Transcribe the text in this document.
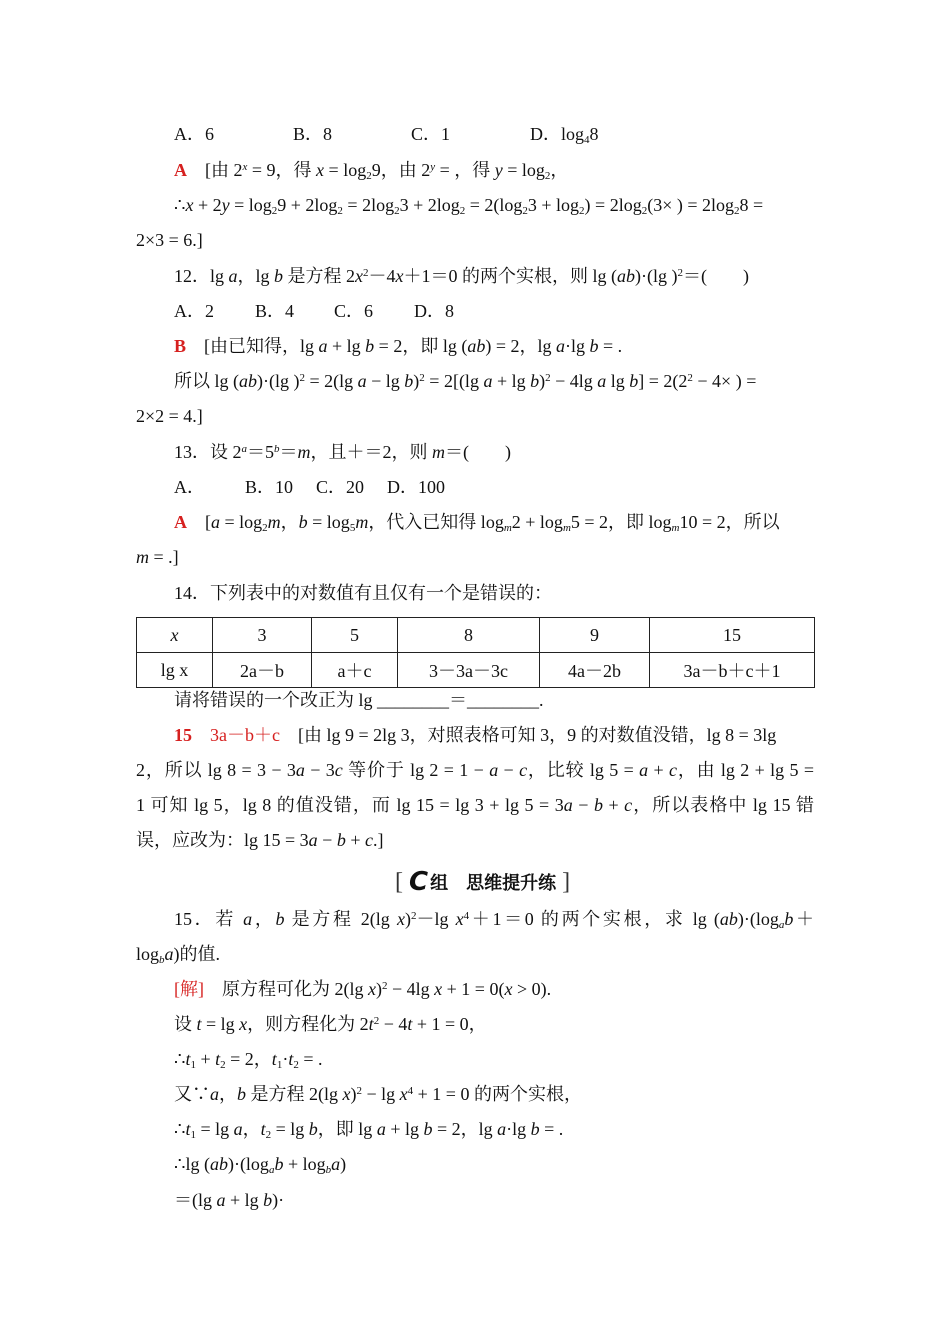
A．6	B．8	C．1	D．$\log_48$
A　[由 $2^x = 9$，得 $x = \log_29$，由 $2^y$ = ，得 $y = \log_2$，
∴x + $2y = \log_29 + 2\log_2 = 2\log_23 + 2\log_2 = 2(\log_23 + \log_2) = 2\log_2(3\times$ ) = $2\log_28$ =
2×3 = 6.]
12．lg a，lg b 是方程 $2x^2-4x+1=0$ 的两个实根，则 lg (ab)·(lg )$^2$＝(　　)
A．2 B．4 C．6 D．8
B　[由已知得，lg a + lg b = 2，即 lg (ab) = 2，lg a·lg b = .
所以 lg (ab)·(lg )$^2$ = 2(lg a − lg b)$^2$ = 2[(lg a + lg b)$^2$ − 4lg a $\lg b] = 2(2^2 - 4\times$ ) =
2×2 = 4.]
13．设 $2^a=5^b=m$，且＋＝2，则 m＝(　　)
A． B．10 C．20 D．100
A　[$a = \log_2m$，$b = \log_5m$，代入已知得 $\log_m2 + \log_m5 = 2$，即 $\log_m10 = 2$，所以
m = .]
14．下列表中的对数值有且仅有一个是错误的：
x	3	5	8	9	15
lg x	2a－b	a＋c	3－3a－3c	4a－2b	3a－b＋c＋1
请将错误的一个改正为 lg ________＝________.
15　 3a－b＋c　[由 lg 9 = 2lg 3，对照表格可知 3，9 的对数值没错，lg 8 = 3lg
2，所以 lg 8 = 3 − 3a − 3c 等价于 lg 2 = 1 − a − c，比较 lg 5 = a + c，由 lg 2 + lg 5 =
1 可知 lg 5，lg 8 的值没错，而 lg 15 = lg 3 + lg 5 = 3a − b + c，所以表格中 lg 15 错
误，应改为：lg 15 = 3a − b + c.]
[ C 组　思维提升练 ]
15．若 a，b 是方程 2(lg x)$^2$－lg $x^4+1=0$ 的两个实根，求 $\lg (ab)\cdot(\log_ab+$
$\log_ba$)的值.
[解]　原方程可化为 2(lg x)$^2$ − 4lg x + 1 = 0(x > 0).
设 t = lg x，则方程化为 $2t^2 - 4t + 1 = 0$，
$\therefore t_1 + t_2 = 2$，$t_1\cdot t_2$ = .
又∵a，b 是方程 2(lg $x)^2 - \lg x^4 + 1 = 0$ 的两个实根，
$\therefore t_1 = \lg a$，$t_2 = \lg b$，即 lg a + lg b = 2，lg a·lg b = .
∴lg $(ab)\cdot(\log_ab + \log_ba)$
＝(lg a + lg b)·
